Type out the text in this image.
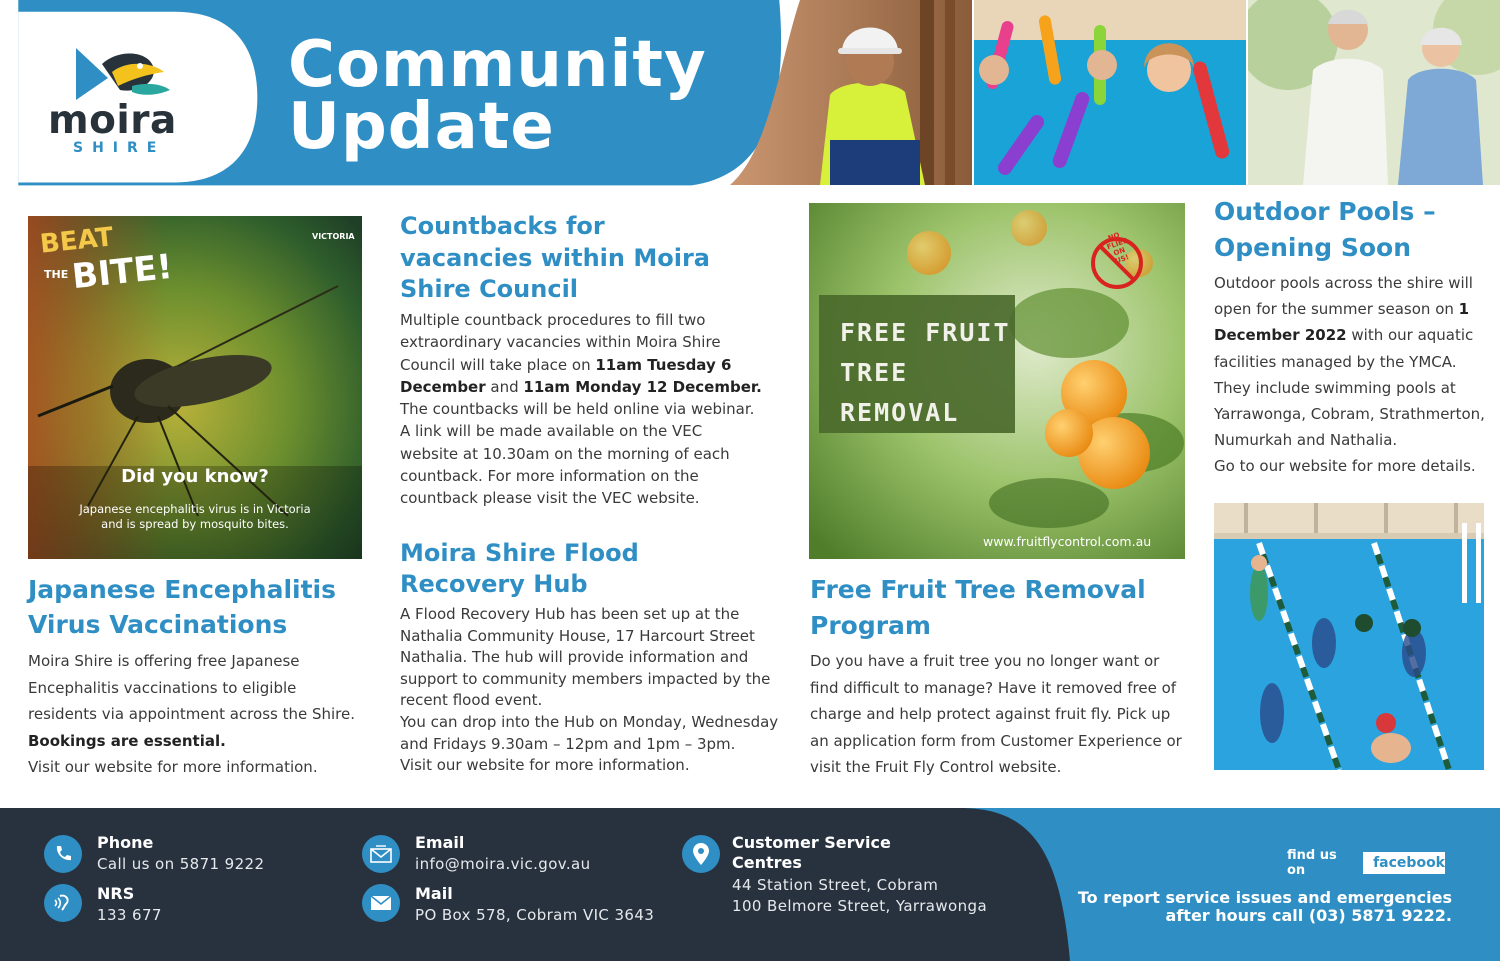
moira
SHIRE
Community
Update
BEAT
THE BITE!
VICTORIA
Did you know?
Japanese encephalitis virus is in Victoria
and is spread by mosquito bites.
Japanese Encephalitis
Virus Vaccinations

Moira Shire is offering free Japanese Encephalitis vaccinations to eligible residents via appointment across the Shire. Bookings are essential.

Visit our website for more information.

Countbacks for
vacancies within Moira
Shire Council

Multiple countback procedures to fill two extraordinary vacancies within Moira Shire Council will take place on 11am Tuesday 6 December and 11am Monday 12 December. The countbacks will be held online via webinar. A link will be made available on the VEC website at 10.30am on the morning of each countback. For more information on the countback please visit the VEC website.

Moira Shire Flood
Recovery Hub

A Flood Recovery Hub has been set up at the Nathalia Community House, 17 Harcourt Street Nathalia. The hub will provide information and support to community members impacted by the recent flood event.

You can drop into the Hub on Monday, Wednesday and Fridays 9.30am – 12pm and 1pm – 3pm.

Visit our website for more information.

FREE FRUIT
TREE
REMOVAL
NO FLIES ON US!
www.fruitflycontrol.com.au
Free Fruit Tree Removal
Program
Do you have a fruit tree you no longer want or find difficult to manage? Have it removed free of charge and help protect against fruit fly. Pick up an application form from Customer Experience or visit the Fruit Fly Control website.
Outdoor Pools –
Opening Soon

Outdoor pools across the shire will open for the summer season on 1 December 2022 with our aquatic facilities managed by the YMCA. They include swimming pools at Yarrawonga, Cobram, Strathmerton, Numurkah and Nathalia.

Go to our website for more details.

Phone
Call us on 5871 9222
NRS
133 677
Email
info@moira.vic.gov.au
Mail
PO Box 578, Cobram VIC 3643
Customer Service
Centres
44 Station Street, Cobram
100 Belmore Street, Yarrawonga
find us on	facebook
To report service issues and emergencies
after hours call (03) 5871 9222.
